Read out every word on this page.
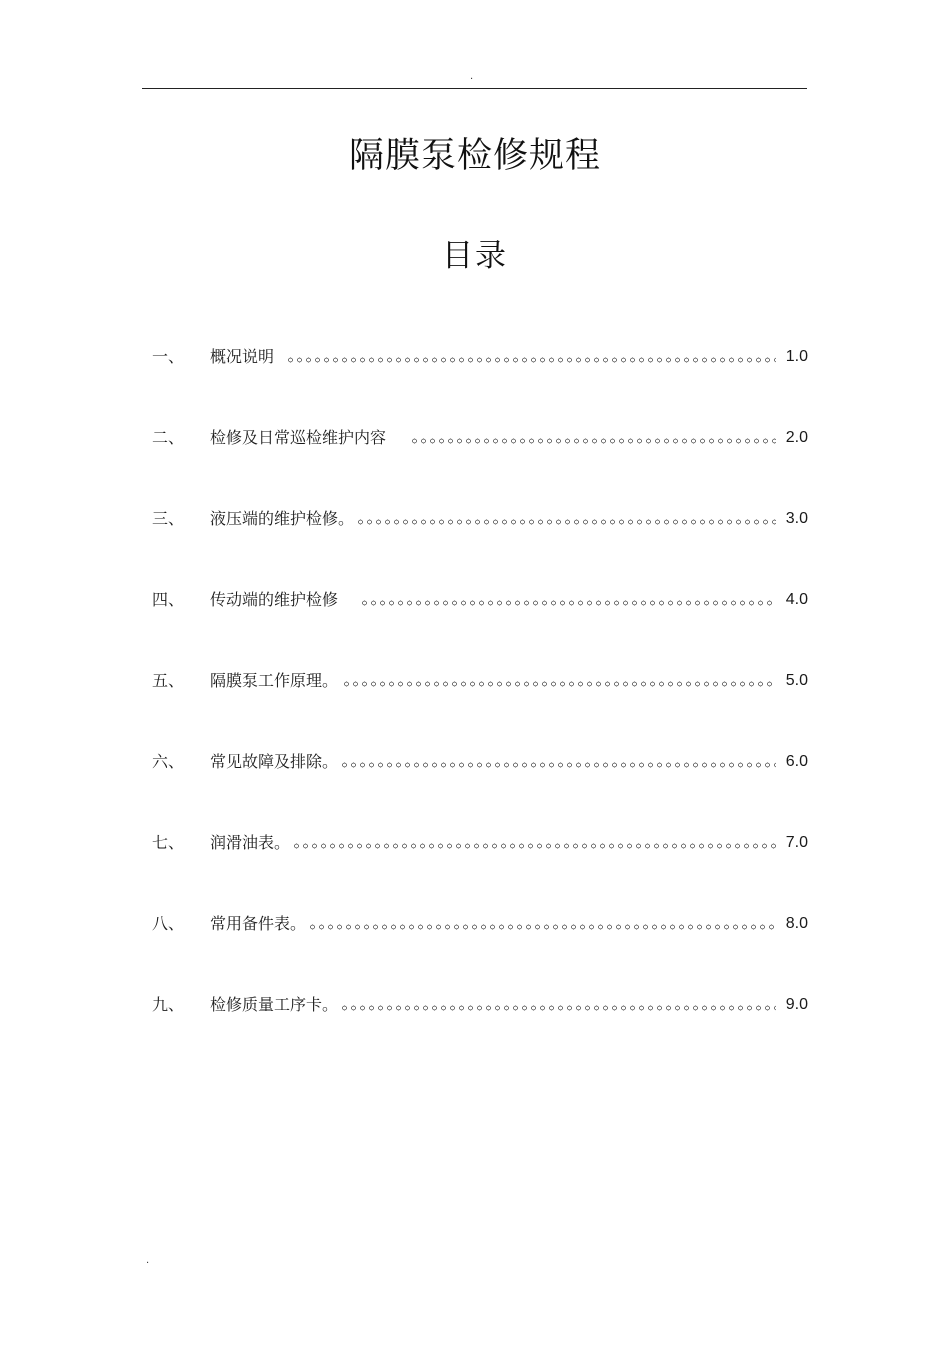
.
隔膜泵检修规程
目录
一、	概况说明	1.0
二、	检修及日常巡检维护内容	2.0
三、	液压端的维护检修。	3.0
四、	传动端的维护检修	4.0
五、	隔膜泵工作原理。	5.0
六、	常见故障及排除。	6.0
七、	润滑油表。	7.0
八、	常用备件表。	8.0
九、	检修质量工序卡。	9.0
.
